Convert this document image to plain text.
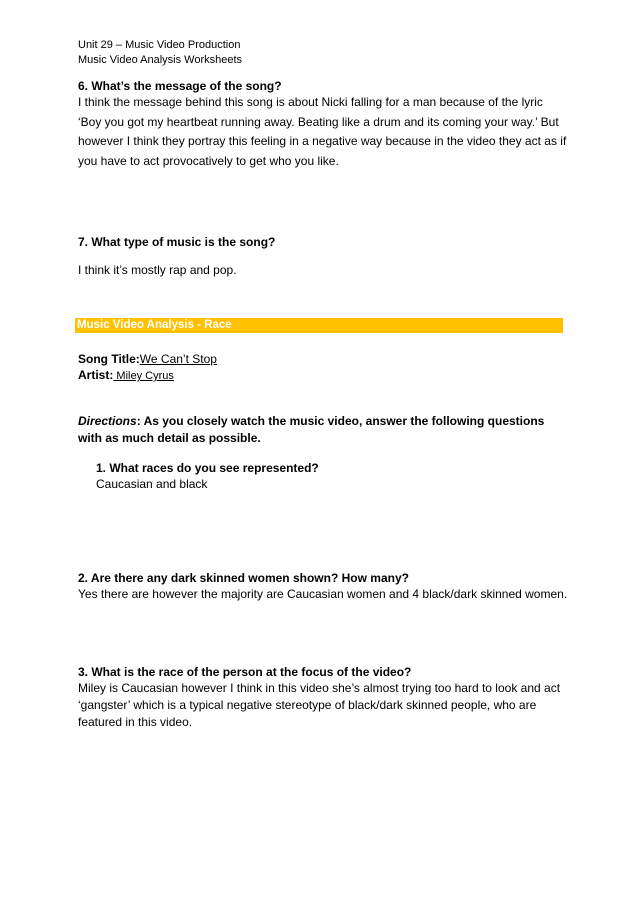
Unit 29 – Music Video Production
Music Video Analysis Worksheets
6. What’s the message of the song?
I think the message behind this song is about Nicki falling for a man because of the lyric ‘Boy you got my heartbeat running away. Beating like a drum and its coming your way.’ But however I think they portray this feeling in a negative way because in the video they act as if you have to act provocatively to get who you like.
7. What type of music is the song?
I think it’s mostly rap and pop.
Music Video Analysis - Race
Song Title:We Can’t Stop
Artist: Miley Cyrus
Directions: As you closely watch the music video, answer the following questions with as much detail as possible.
1. What races do you see represented?
Caucasian and black
2. Are there any dark skinned women shown? How many?
Yes there are however the majority are Caucasian women and 4 black/dark skinned women.
3. What is the race of the person at the focus of the video?
Miley is Caucasian however I think in this video she’s almost trying too hard to look and act ‘gangster’ which is a typical negative stereotype of black/dark skinned people, who are featured in this video.
